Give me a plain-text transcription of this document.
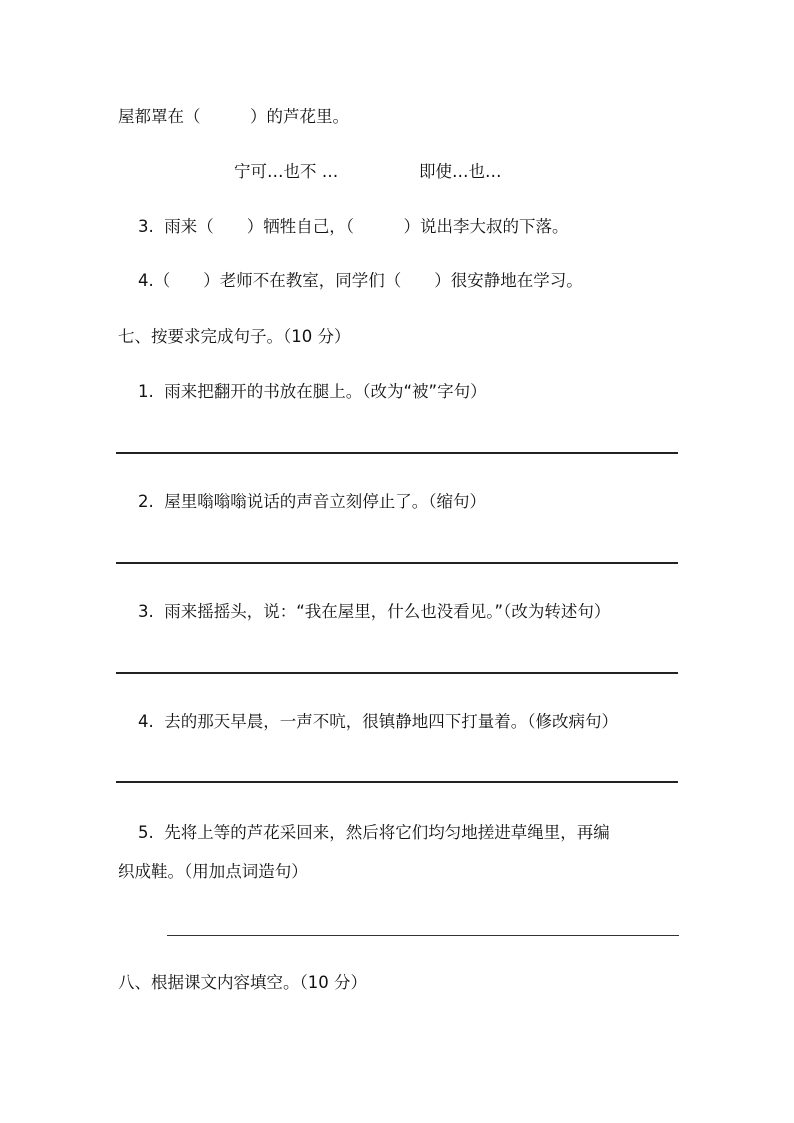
屋都罩在（　　　）的芦花里。
宁可…也不 …	即使…也…
3.  雨来（　　）牺牲自己，（　　　）说出李大叔的下落。
4.（　　）老师不在教室，同学们（　　）很安静地在学习。
七、按要求完成句子。（10 分）
1.  雨来把翻开的书放在腿上。（改为“被”字句）
2.  屋里嗡嗡嗡说话的声音立刻停止了。（缩句）
3.  雨来摇摇头，说：“我在屋里，什么也没看见。”（改为转述句）
4.  去的那天早晨，一声不吭，很镇静地四下打量着。（修改病句）
5.  先将上等的芦花采回来，然后将它们均匀地搓进草绳里，再编
织成鞋。（用加点词造句）
八、根据课文内容填空。（10 分）
